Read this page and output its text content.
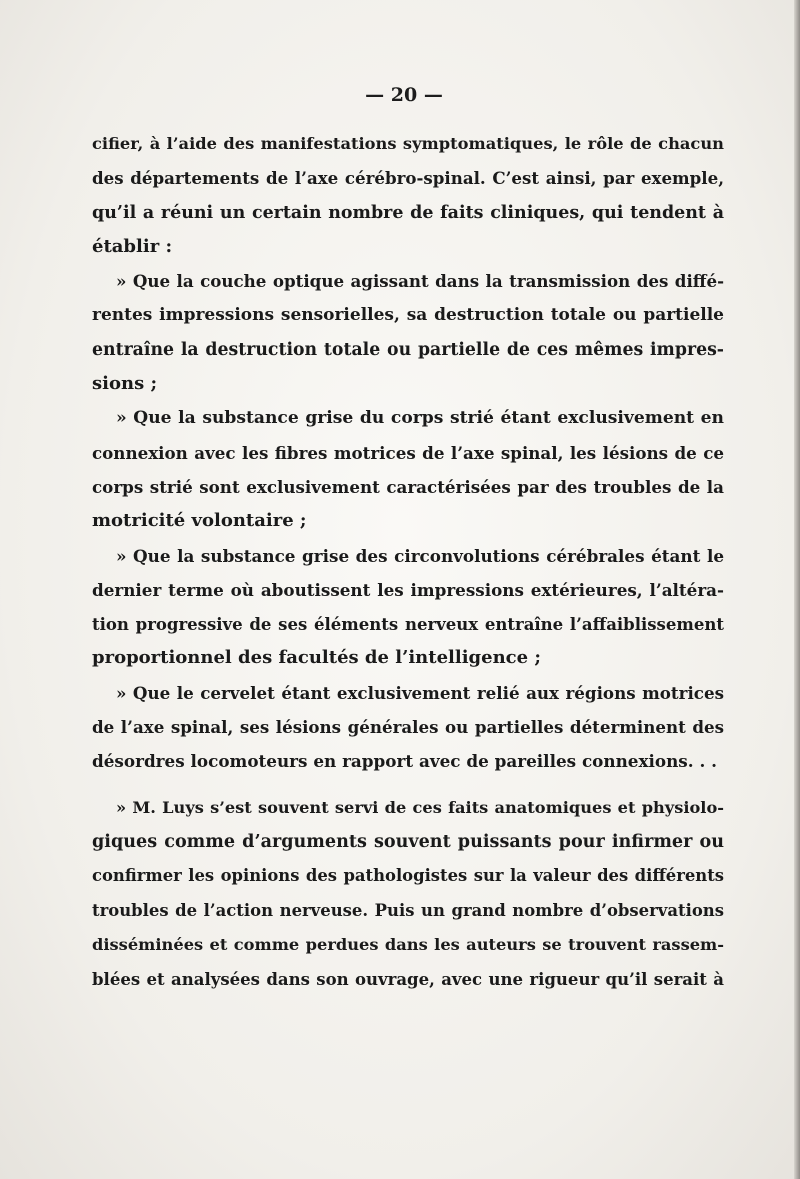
— 20 —

cifier, à l’aide des manifestations symptomatiques, le rôle de chacun
des départements de l’axe cérébro-spinal. C’est ainsi, par exemple,
qu’il a réuni un certain nombre de faits cliniques, qui tendent à
établir :
» Que la couche optique agissant dans la transmission des diffé-
rentes impressions sensorielles, sa destruction totale ou partielle
entraîne la destruction totale ou partielle de ces mêmes impres-
sions ;
» Que la substance grise du corps strié étant exclusivement en
connexion avec les fibres motrices de l’axe spinal, les lésions de ce
corps strié sont exclusivement caractérisées par des troubles de la
motricité volontaire ;
» Que la substance grise des circonvolutions cérébrales étant le
dernier terme où aboutissent les impressions extérieures, l’altéra-
tion progressive de ses éléments nerveux entraîne l’affaiblissement
proportionnel des facultés de l’intelligence ;
» Que le cervelet étant exclusivement relié aux régions motrices
de l’axe spinal, ses lésions générales ou partielles déterminent des
désordres locomoteurs en rapport avec de pareilles connexions. . .
» M. Luys s’est souvent servi de ces faits anatomiques et physiolo-
giques comme d’arguments souvent puissants pour infirmer ou
confirmer les opinions des pathologistes sur la valeur des différents
troubles de l’action nerveuse. Puis un grand nombre d’observations
disséminées et comme perdues dans les auteurs se trouvent rassem-
blées et analysées dans son ouvrage, avec une rigueur qu’il serait à
